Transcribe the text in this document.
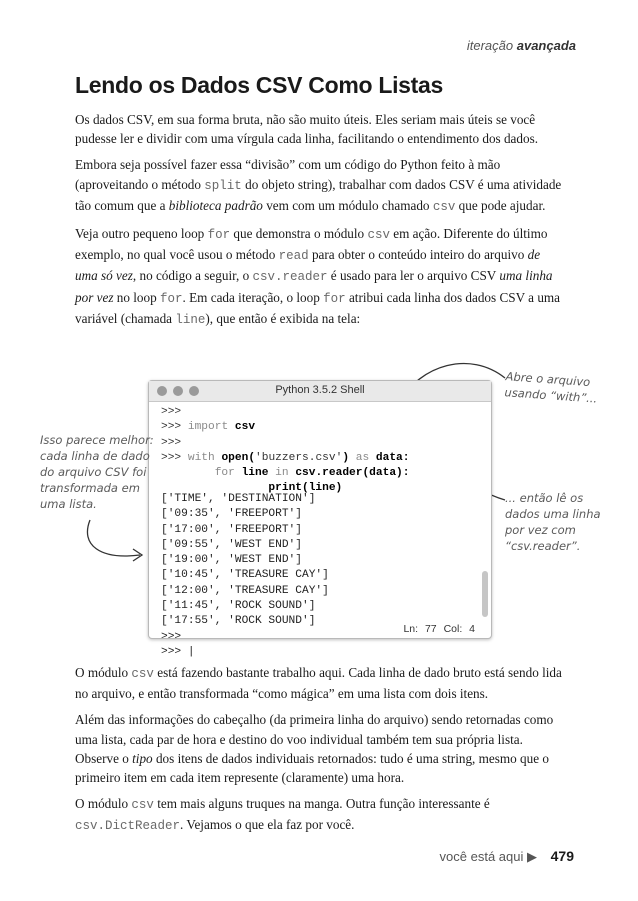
iteração avançada
Lendo os Dados CSV Como Listas

Os dados CSV, em sua forma bruta, não são muito úteis. Eles seriam mais úteis se você pudesse ler e dividir com uma vírgula cada linha, facilitando o entendimento dos dados.

Embora seja possível fazer essa “divisão” com um código do Python feito à mão (aproveitando o método split do objeto string), trabalhar com dados CSV é uma atividade tão comum que a biblioteca padrão vem com um módulo chamado csv que pode ajudar.

Veja outro pequeno loop for que demonstra o módulo csv em ação. Diferente do último exemplo, no qual você usou o método read para obter o conteúdo inteiro do arquivo de uma só vez, no código a seguir, o csv.reader é usado para ler o arquivo CSV uma linha por vez no loop for. Em cada iteração, o loop for atribui cada linha dos dados CSV a uma variável (chamada line), que então é exibida na tela:

Python 3.5.2 Shell
>>>
>>> import csv
>>>
>>> with open('buzzers.csv') as data:
for line in csv.reader(data):
print(line)
['TIME', 'DESTINATION']
['09:35', 'FREEPORT']
['17:00', 'FREEPORT']
['09:55', 'WEST END']
['19:00', 'WEST END']
['10:45', 'TREASURE CAY']
['12:00', 'TREASURE CAY']
['11:45', 'ROCK SOUND']
['17:55', 'ROCK SOUND']
>>>
>>> |
Ln: 77 Col: 4
Abre o arquivo usando “with”...
Isso parece melhor: cada linha de dado do arquivo CSV foi transformada em uma lista.	... então lê os dados uma linha por vez com “csv.reader”.

O módulo csv está fazendo bastante trabalho aqui. Cada linha de dado bruto está sendo lida no arquivo, e então transformada “como mágica” em uma lista com dois itens.

Além das informações do cabeçalho (da primeira linha do arquivo) sendo retornadas como uma lista, cada par de hora e destino do voo individual também tem sua própria lista. Observe o tipo dos itens de dados individuais retornados: tudo é uma string, mesmo que o primeiro item em cada item represente (claramente) uma hora.

O módulo csv tem mais alguns truques na manga. Outra função interessante é csv.DictReader. Vejamos o que ela faz por você.

você está aqui ▶ 479
